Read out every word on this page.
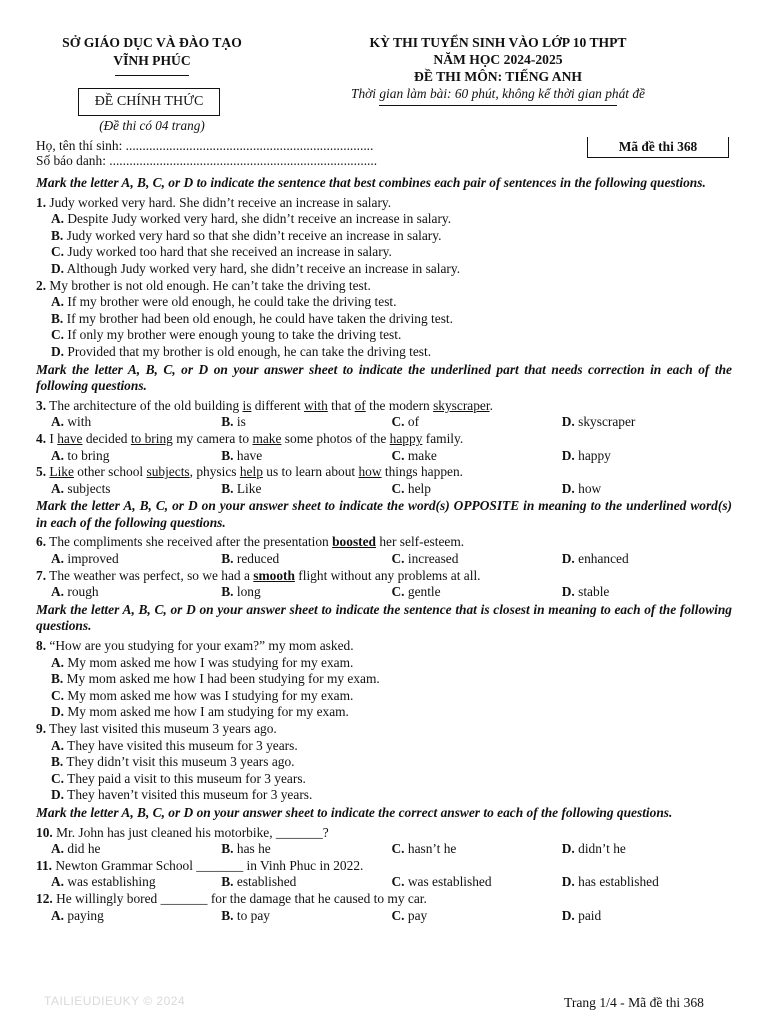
SỞ GIÁO DỤC VÀ ĐÀO TẠO
VĨNH PHÚC
ĐỀ CHÍNH THỨC
(Đề thi có 04 trang)
KỲ THI TUYỂN SINH VÀO LỚP 10 THPT
NĂM HỌC 2024-2025
ĐỀ THI MÔN: TIẾNG ANH
Thời gian làm bài: 60 phút, không kể thời gian phát đề
Họ, tên thí sinh: ..........................................................................
Số báo danh: ................................................................................
Mã đề thi 368
Mark the letter A, B, C, or D to indicate the sentence that best combines each pair of sentences in the following questions.
1. Judy worked very hard. She didn’t receive an increase in salary.
A. Despite Judy worked very hard, she didn’t receive an increase in salary.
B. Judy worked very hard so that she didn’t receive an increase in salary.
C. Judy worked too hard that she received an increase in salary.
D. Although Judy worked very hard, she didn’t receive an increase in salary.
2. My brother is not old enough. He can’t take the driving test.
A. If my brother were old enough, he could take the driving test.
B. If my brother had been old enough, he could have taken the driving test.
C. If only my brother were enough young to take the driving test.
D. Provided that my brother is old enough, he can take the driving test.
Mark the letter A, B, C, or D on your answer sheet to indicate the underlined part that needs correction in each of the following questions.
3. The architecture of the old building is different with that of the modern skyscraper.
A. with	B. is	C. of	D. skyscraper
4. I have decided to bring my camera to make some photos of the happy family.
A. to bring	B. have	C. make	D. happy
5. Like other school subjects, physics help us to learn about how things happen.
A. subjects	B. Like	C. help	D. how
Mark the letter A, B, C, or D on your answer sheet to indicate the word(s) OPPOSITE in meaning to the underlined word(s) in each of the following questions.
6. The compliments she received after the presentation boosted her self-esteem.
A. improved	B. reduced	C. increased	D. enhanced
7. The weather was perfect, so we had a smooth flight without any problems at all.
A. rough	B. long	C. gentle	D. stable
Mark the letter A, B, C, or D on your answer sheet to indicate the sentence that is closest in meaning to each of the following questions.
8. “How are you studying for your exam?” my mom asked.
A. My mom asked me how I was studying for my exam.
B. My mom asked me how I had been studying for my exam.
C. My mom asked me how was I studying for my exam.
D. My mom asked me how I am studying for my exam.
9. They last visited this museum 3 years ago.
A. They have visited this museum for 3 years.
B. They didn’t visit this museum 3 years ago.
C. They paid a visit to this museum for 3 years.
D. They haven’t visited this museum for 3 years.
Mark the letter A, B, C, or D on your answer sheet to indicate the correct answer to each of the following questions.
10. Mr. John has just cleaned his motorbike, _______?
A. did he	B. has he	C. hasn’t he	D. didn’t he
11. Newton Grammar School _______ in Vinh Phuc in 2022.
A. was establishing	B. established	C. was established	D. has established
12. He willingly bored _______ for the damage that he caused to my car.
A. paying	B. to pay	C. pay	D. paid
TAILIEUDIEUKY © 2024	Trang 1/4 - Mã đề thi 368
